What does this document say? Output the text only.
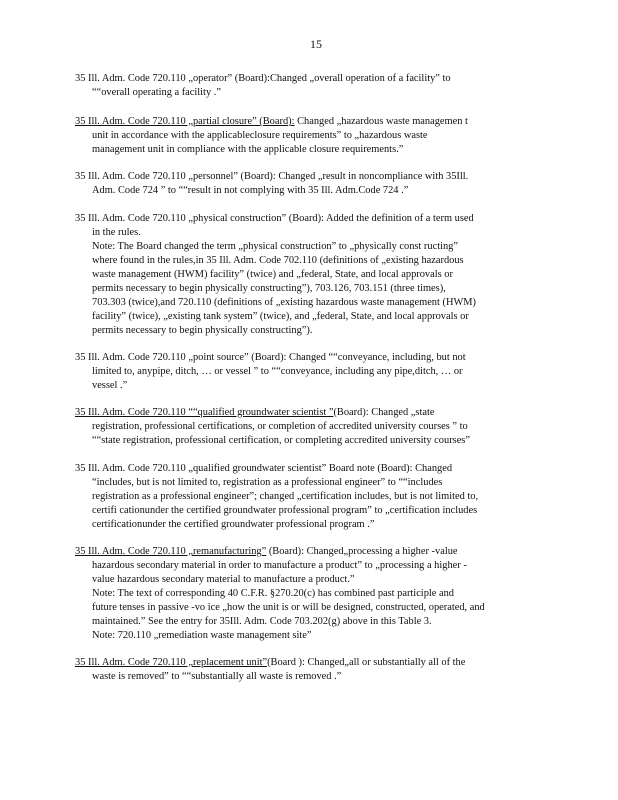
15
35 Ill. Adm. Code 720.110 „operator” (Board):Changed „overall operation of a facility” to
““overall operating a facility .”
35 Ill. Adm. Code 720.110 „partial closure” (Board): Changed „hazardous waste managemen t
unit in accordance with the applicableclosure requirements” to „hazardous waste
management unit in compliance with the applicable closure requirements.”
35 Ill. Adm. Code 720.110 „personnel” (Board): Changed „result in noncompliance with 35Ill.
Adm. Code 724 ” to ““result in not complying with 35 Ill. Adm.Code 724 .”
35 Ill. Adm. Code 720.110 „physical construction” (Board): Added the definition of a term used
in the rules.
Note: The Board changed the term „physical construction” to „physically const ructing”
where found in the rules,in 35 Ill. Adm. Code 702.110 (definitions of „existing hazardous
waste management (HWM) facility” (twice) and „federal, State, and local approvals or
permits necessary to begin physically constructing”), 703.126, 703.151 (three times),
703.303 (twice),and 720.110 (definitions of „existing hazardous waste management (HWM)
facility” (twice), „existing tank system” (twice), and „federal, State, and local approvals or
permits necessary to begin physically constructing”).
35 Ill. Adm. Code 720.110 „point source” (Board): Changed ““conveyance, including, but not
limited to, anypipe, ditch, … or vessel ” to ““conveyance, including any pipe,ditch, … or
vessel .”
35 Ill. Adm. Code 720.110 ““qualified groundwater scientist ”(Board): Changed „state
registration, professional certifications, or completion of accredited university courses ” to
““state registration, professional certification, or completing accredited university courses”
35 Ill. Adm. Code 720.110 „qualified groundwater scientist” Board note (Board): Changed
“includes, but is not limited to, registration as a professional engineer” to ““includes
registration as a professional engineer”; changed „certification includes, but is not limited to,
certifi cationunder the certified groundwater professional program” to „certification includes
certificationunder the certified groundwater professional program .”
35 Ill. Adm. Code 720.110 „remanufacturing” (Board): Changed„processing a higher -value
hazardous secondary material in order to manufacture a product” to „processing a higher -
value hazardous secondary material to manufacture a product.”
Note: The text of corresponding 40 C.F.R. §270.20(c) has combined past participle and
future tenses in passive -vo ice „how the unit is or will be designed, constructed, operated, and
maintained.” See the entry for 35Ill. Adm. Code 703.202(g) above in this Table 3.
Note: 720.110 „remediation waste management site”
35 Ill. Adm. Code 720.110 „replacement unit”(Board ): Changed„all or substantially all of the
waste is removed” to ““substantially all waste is removed .”
